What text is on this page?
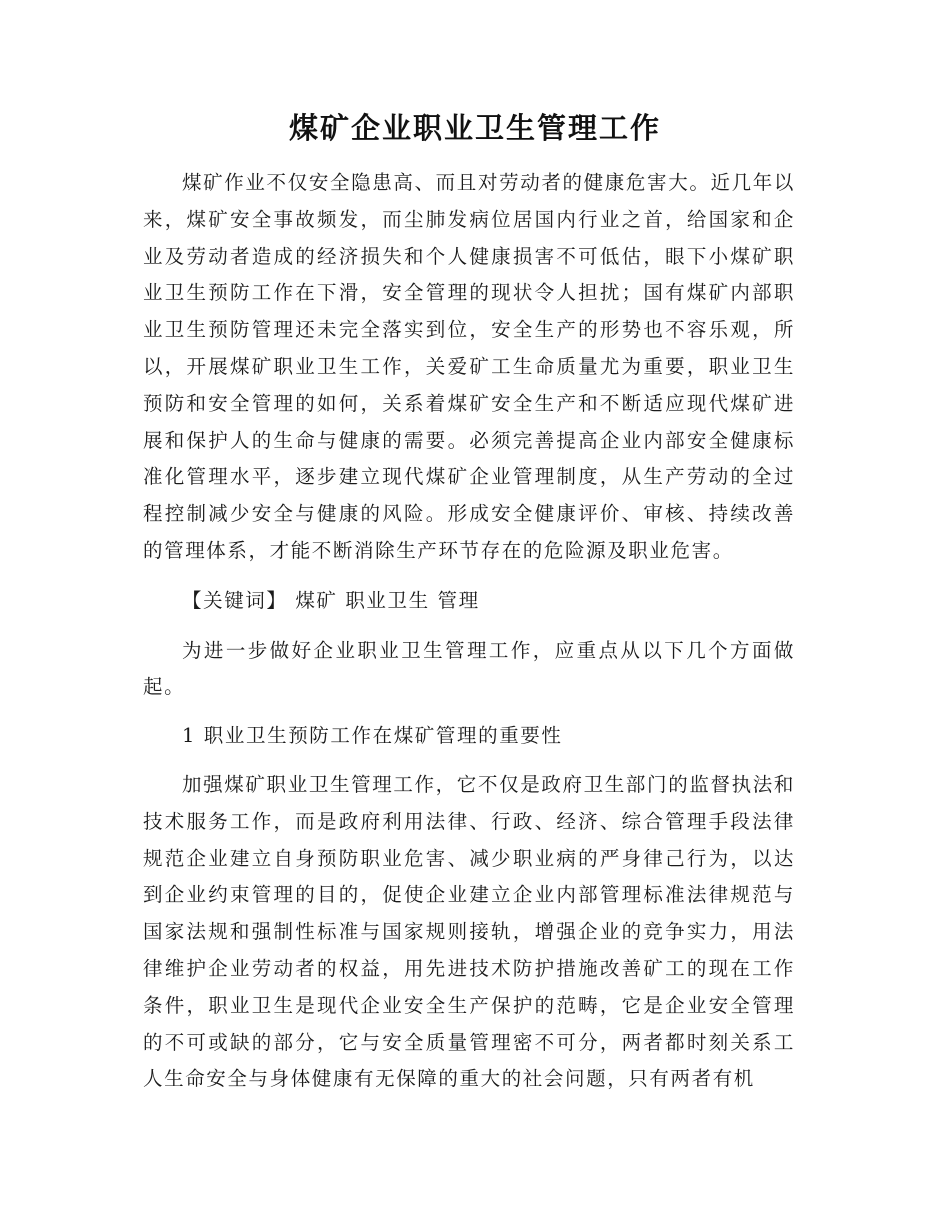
煤矿企业职业卫生管理工作

煤矿作业不仅安全隐患高、而且对劳动者的健康危害大。近几年以来，煤矿安全事故频发，而尘肺发病位居国内行业之首，给国家和企业及劳动者造成的经济损失和个人健康损害不可低估，眼下小煤矿职业卫生预防工作在下滑，安全管理的现状令人担扰；国有煤矿内部职业卫生预防管理还未完全落实到位，安全生产的形势也不容乐观，所以，开展煤矿职业卫生工作，关爱矿工生命质量尤为重要，职业卫生预防和安全管理的如何，关系着煤矿安全生产和不断适应现代煤矿进展和保护人的生命与健康的需要。必须完善提高企业内部安全健康标准化管理水平，逐步建立现代煤矿企业管理制度，从生产劳动的全过程控制减少安全与健康的风险。形成安全健康评价、审核、持续改善的管理体系，才能不断消除生产环节存在的危险源及职业危害。

【关键词】 煤矿 职业卫生 管理

为进一步做好企业职业卫生管理工作，应重点从以下几个方面做起。

1 职业卫生预防工作在煤矿管理的重要性

加强煤矿职业卫生管理工作，它不仅是政府卫生部门的监督执法和技术服务工作，而是政府利用法律、行政、经济、综合管理手段法律规范企业建立自身预防职业危害、减少职业病的严身律己行为，以达到企业约束管理的目的，促使企业建立企业内部管理标准法律规范与国家法规和强制性标准与国家规则接轨，增强企业的竞争实力，用法律维护企业劳动者的权益，用先进技术防护措施改善矿工的现在工作条件，职业卫生是现代企业安全生产保护的范畴，它是企业安全管理的不可或缺的部分，它与安全质量管理密不可分，两者都时刻关系工人生命安全与身体健康有无保障的重大的社会问题，只有两者有机
